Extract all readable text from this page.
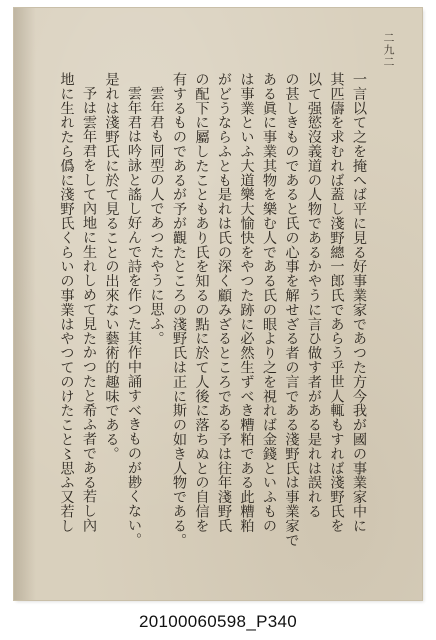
二九二

一言以て之を掩へば平に見る好事業家であつた方今我が國の事業家中に

其匹儔を求むれば蓋し淺野總一郎氏であらう乎世人輒もすれば淺野氏を

以て强慾沒義道の人物であるかやうに言ひ做す者がある是れは誤れる

の甚しきものであると氏の心事を解せざる者の言である淺野氏は事業家で

ある眞に事業其物を樂む人である氏の眼より之を視れば金錢といふもの

は事業といふ大道樂大愉快をやつた跡に必然生ずべき糟粕である此糟粕

がどうならふとも是れは氏の深く顧みざるところである予は往年淺野氏

の配下に屬したこともあり氏を知るの點に於て人後に落ちぬとの自信を

有するものであるが予が觀たところの淺野氏は正に斯の如き人物である。

雲年君も同型の人であつたやうに思ふ。

雲年君は吟詠と謠し好んで詩を作つた其作中誦すべきものが尠くない。

是れは淺野氏に於て見ることの出來ない藝術的趣味である。

予は雲年君をして內地に生れしめて見たかつたと希ふ者である若し內

地に生れたら僞に淺野氏くらいの事業はやつてのけたこと〻思ふ又若し

20100060598_P340
